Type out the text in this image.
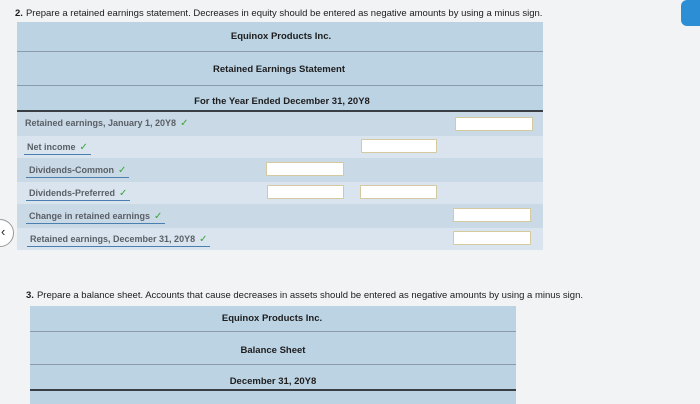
2. Prepare a retained earnings statement. Decreases in equity should be entered as negative amounts by using a minus sign.
Equinox Products Inc.
Retained Earnings Statement
For the Year Ended December 31, 20Y8
Retained earnings, January 1, 20Y8 ✓
Net income ✓
Dividends-Common ✓
Dividends-Preferred ✓
Change in retained earnings ✓
Retained earnings, December 31, 20Y8 ✓
‹
3. Prepare a balance sheet. Accounts that cause decreases in assets should be entered as negative amounts by using a minus sign.
Equinox Products Inc.
Balance Sheet
December 31, 20Y8
